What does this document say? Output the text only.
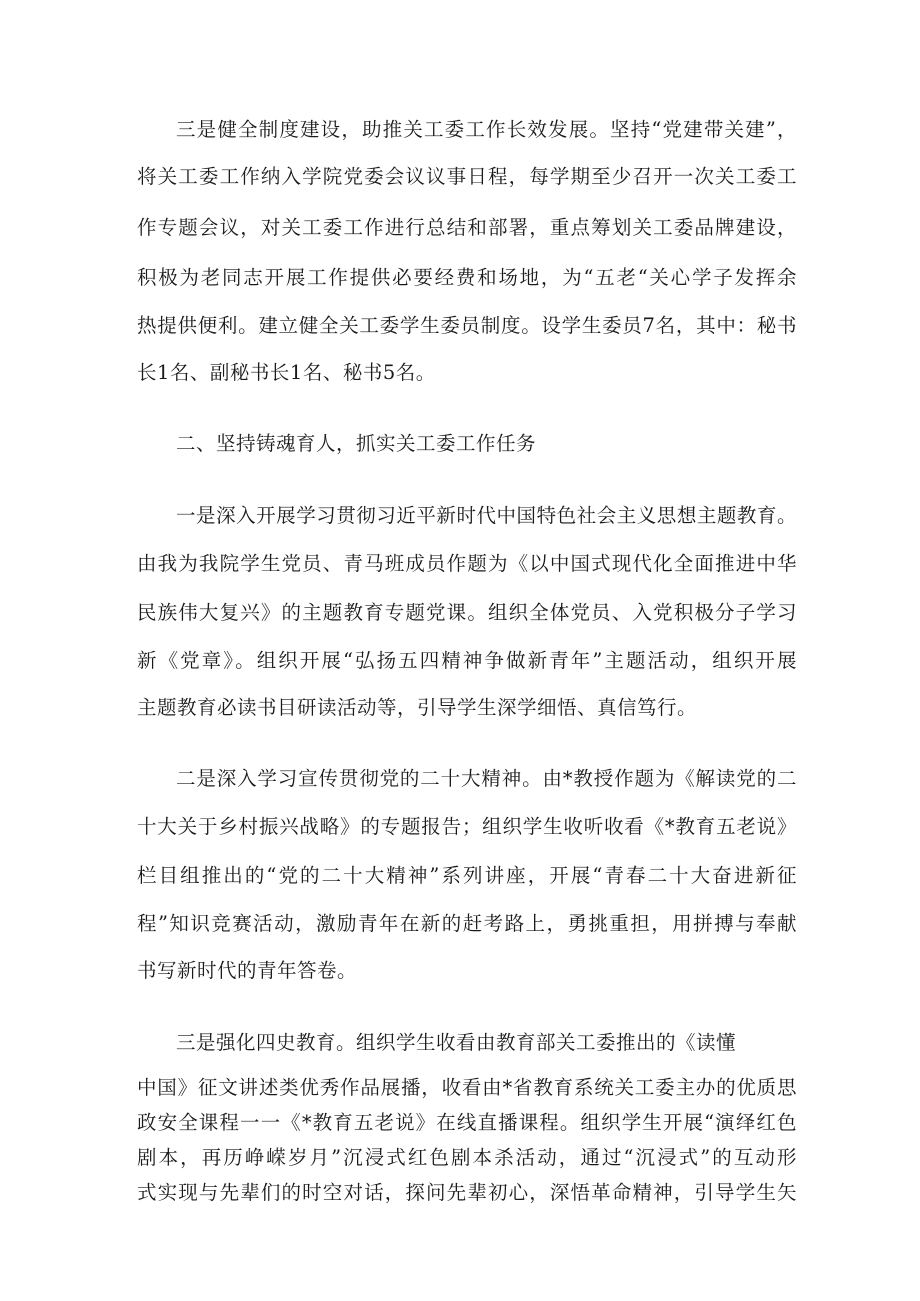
三是健全制度建设，助推关工委工作长效发展。坚持“党建带关建”，
将关工委工作纳入学院党委会议议事日程，每学期至少召开一次关工委工
作专题会议，对关工委工作进行总结和部署，重点筹划关工委品牌建设，
积极为老同志开展工作提供必要经费和场地，为“五老“关心学子发挥余
热提供便利。建立健全关工委学生委员制度。设学生委员7名，其中：秘书
长1名、副秘书长1名、秘书5名。
二、坚持铸魂育人，抓实关工委工作任务
一是深入开展学习贯彻习近平新时代中国特色社会主义思想主题教育。
由我为我院学生党员、青马班成员作题为《以中国式现代化全面推进中华
民族伟大复兴》的主题教育专题党课。组织全体党员、入党积极分子学习
新《党章》。组织开展“弘扬五四精神争做新青年”主题活动，组织开展
主题教育必读书目研读活动等，引导学生深学细悟、真信笃行。
二是深入学习宣传贯彻党的二十大精神。由*教授作题为《解读党的二
十大关于乡村振兴战略》的专题报告；组织学生收听收看《*教育五老说》
栏目组推出的“党的二十大精神”系列讲座，开展“青春二十大奋进新征
程”知识竞赛活动，激励青年在新的赶考路上，勇挑重担，用拼搏与奉献
书写新时代的青年答卷。
三是强化四史教育。组织学生收看由教育部关工委推出的《读懂
中国》征文讲述类优秀作品展播，收看由*省教育系统关工委主办的优质思
政安全课程一一《*教育五老说》在线直播课程。组织学生开展“演绎红色
剧本，再历峥嵘岁月”沉浸式红色剧本杀活动，通过“沉浸式”的互动形
式实现与先辈们的时空对话，探问先辈初心，深悟革命精神，引导学生矢
